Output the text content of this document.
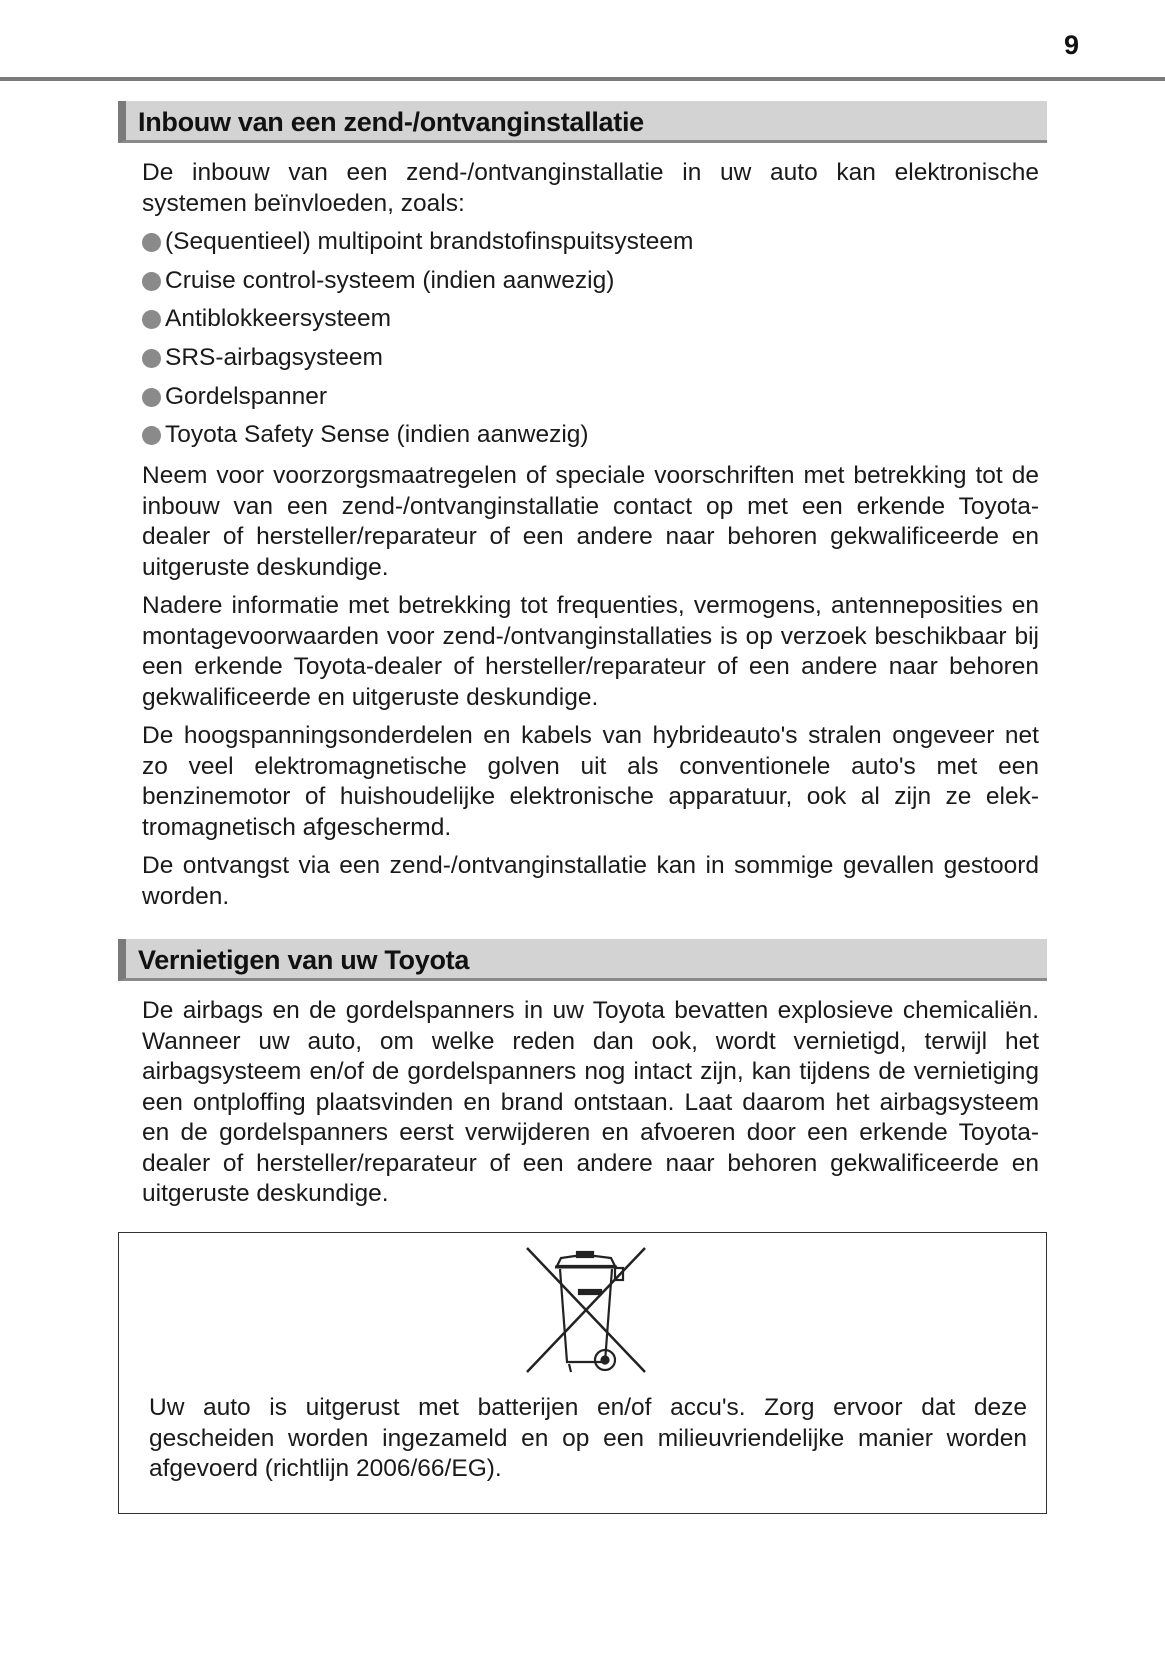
9
Inbouw van een zend-/ontvanginstallatie
De inbouw van een zend-/ontvanginstallatie in uw auto kan elektronische systemen beïnvloeden, zoals:
(Sequentieel) multipoint brandstofinspuitsysteem
Cruise control-systeem (indien aanwezig)
Antiblokkeersysteem
SRS-airbagsysteem
Gordelspanner
Toyota Safety Sense (indien aanwezig)

Neem voor voorzorgsmaatregelen of speciale voorschriften met betrekking tot de inbouw van een zend-/ontvanginstallatie contact op met een erkende Toyota-dealer of hersteller/reparateur of een andere naar behoren gekwalificeerde en uitgeruste deskundige.

Nadere informatie met betrekking tot frequenties, vermogens, antenneposities en montagevoorwaarden voor zend-/ontvanginstallaties is op verzoek beschikbaar bij een erkende Toyota-dealer of hersteller/reparateur of een andere naar behoren gekwalificeerde en uitgeruste deskundige.

De hoogspanningsonderdelen en kabels van hybrideauto's stralen ongeveer net zo veel elektromagnetische golven uit als conventionele auto's met een benzinemotor of huishoudelijke elektronische apparatuur, ook al zijn ze elektromagnetisch afgeschermd.

De ontvangst via een zend-/ontvanginstallatie kan in sommige gevallen gestoord worden.

Vernietigen van uw Toyota

De airbags en de gordelspanners in uw Toyota bevatten explosieve chemicaliën. Wanneer uw auto, om welke reden dan ook, wordt vernietigd, terwijl het airbagsysteem en/of de gordelspanners nog intact zijn, kan tijdens de vernietiging een ontploffing plaatsvinden en brand ontstaan. Laat daarom het airbagsysteem en de gordelspanners eerst verwijderen en afvoeren door een erkende Toyota-dealer of hersteller/reparateur of een andere naar behoren gekwalificeerde en uitgeruste deskundige.

Uw auto is uitgerust met batterijen en/of accu's. Zorg ervoor dat deze gescheiden worden ingezameld en op een milieuvriendelijke manier worden afgevoerd (richtlijn 2006/66/EG).
